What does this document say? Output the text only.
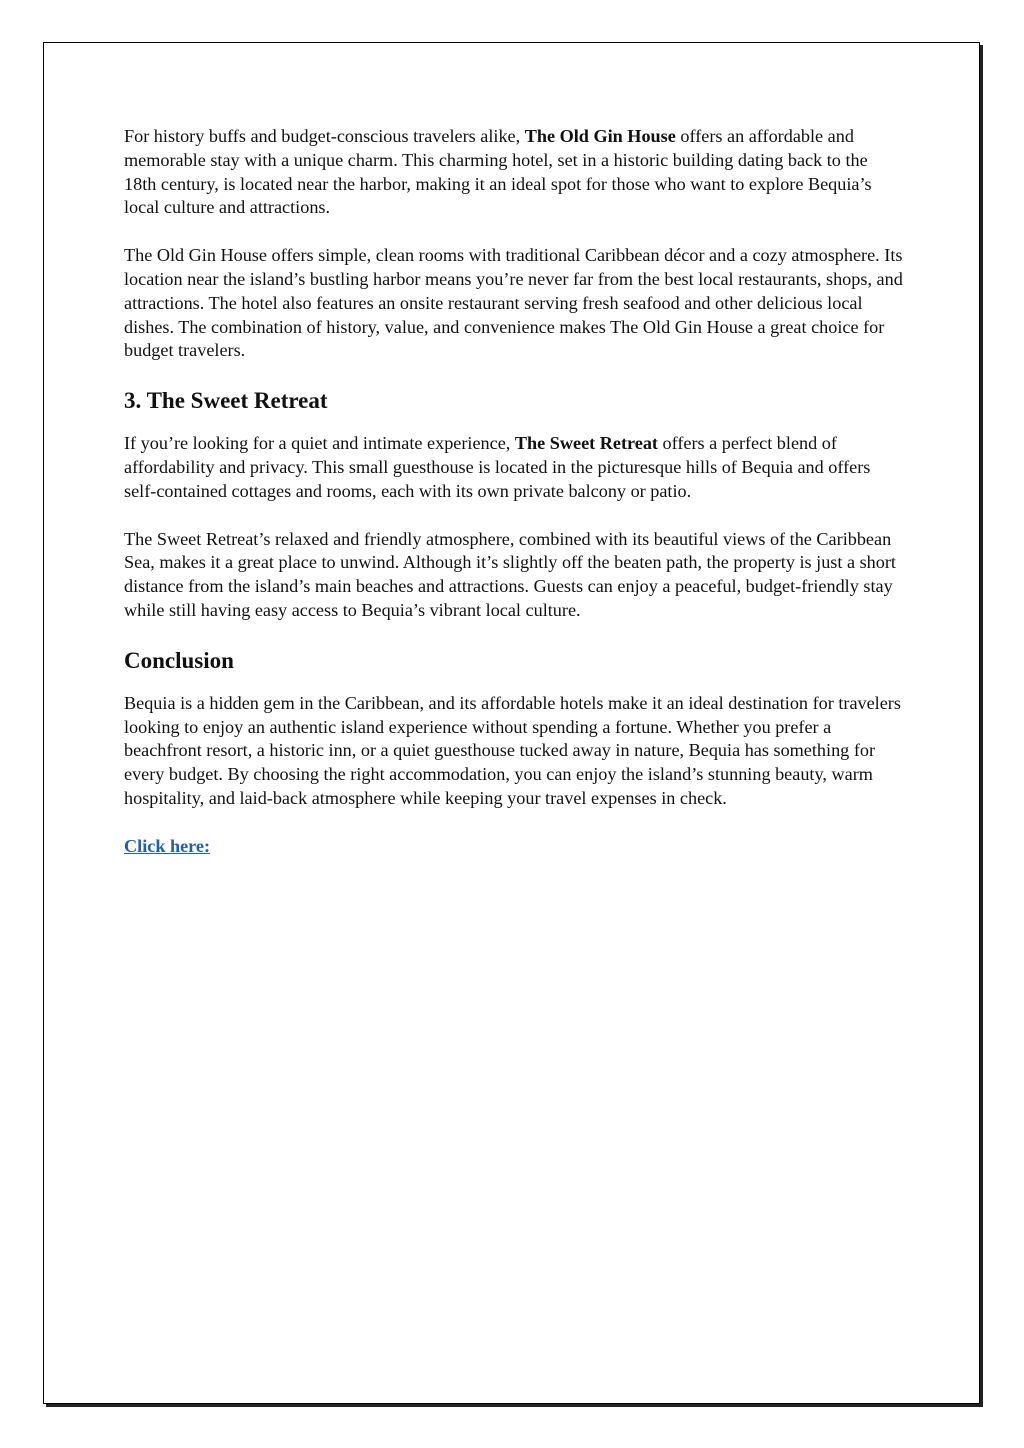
For history buffs and budget-conscious travelers alike, The Old Gin House offers an affordable and memorable stay with a unique charm. This charming hotel, set in a historic building dating back to the 18th century, is located near the harbor, making it an ideal spot for those who want to explore Bequia’s local culture and attractions.

The Old Gin House offers simple, clean rooms with traditional Caribbean décor and a cozy atmosphere. Its location near the island’s bustling harbor means you’re never far from the best local restaurants, shops, and attractions. The hotel also features an onsite restaurant serving fresh seafood and other delicious local dishes. The combination of history, value, and convenience makes The Old Gin House a great choice for budget travelers.

3. The Sweet Retreat

If you’re looking for a quiet and intimate experience, The Sweet Retreat offers a perfect blend of affordability and privacy. This small guesthouse is located in the picturesque hills of Bequia and offers self-contained cottages and rooms, each with its own private balcony or patio.

The Sweet Retreat’s relaxed and friendly atmosphere, combined with its beautiful views of the Caribbean Sea, makes it a great place to unwind. Although it’s slightly off the beaten path, the property is just a short distance from the island’s main beaches and attractions. Guests can enjoy a peaceful, budget-friendly stay while still having easy access to Bequia’s vibrant local culture.

Conclusion

Bequia is a hidden gem in the Caribbean, and its affordable hotels make it an ideal destination for travelers looking to enjoy an authentic island experience without spending a fortune. Whether you prefer a beachfront resort, a historic inn, or a quiet guesthouse tucked away in nature, Bequia has something for every budget. By choosing the right accommodation, you can enjoy the island’s stunning beauty, warm hospitality, and laid-back atmosphere while keeping your travel expenses in check.

Click here:
